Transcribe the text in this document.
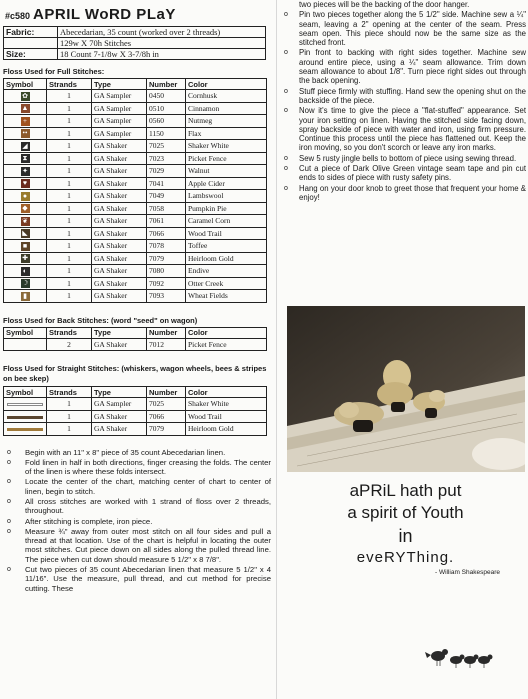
#c580 APRIL WoRD PLaY
Fabric:	Abecedarian, 35 count (worked over 2 threads)
	129w X 70h Stitches
Size:	18 Count 7-1/8w X 3-7/8h in
Floss Used for Full Stitches:
Symbol	Strands	Type	Number	Color
✿	1	GA Sampler	0450	Cornhusk
▲	1	GA Sampler	0510	Cinnamon
+	1	GA Sampler	0560	Nutmeg
••	1	GA Sampler	1150	Flax
◢	1	GA Shaker	7025	Shaker White
⧗	1	GA Shaker	7023	Picket Fence
✦	1	GA Shaker	7029	Walnut
♥	1	GA Shaker	7041	Apple Cider
●	1	GA Shaker	7049	Lambswool
◆	1	GA Shaker	7058	Pumpkin Pie
❦	1	GA Shaker	7061	Caramel Corn
◣	1	GA Shaker	7066	Wood Trail
■	1	GA Shaker	7078	Toffee
✚	1	GA Shaker	7079	Heirloom Gold
◐	1	GA Shaker	7080	Endive
☽	1	GA Shaker	7092	Otter Creek
▮	1	GA Shaker	7093	Wheat Fields
Floss Used for Back Stitches: (word "seed" on wagon)
Symbol	Strands	Type	Number	Color
	2	GA Shaker	7012	Picket Fence
Floss Used for Straight Stitches: (whiskers, wagon wheels, bees & stripes on bee skep)
Symbol	Strands	Type	Number	Color
	1	GA Sampler	7025	Shaker White
	1	GA Shaker	7066	Wood Trail
	1	GA Shaker	7079	Heirloom Gold
o Begin with an 11" x 8" piece of 35 count Abecedarian linen.
o Fold linen in half in both directions, finger creasing the folds. The center of the linen is where these folds intersect.
o Locate the center of the chart, matching center of chart to center of linen, begin to stitch.
o All cross stitches are worked with 1 strand of floss over 2 threads, throughout.
o After stitching is complete, iron piece.
o Measure ¾" away from outer most stitch on all four sides and pull a thread at that location. Use of the chart is helpful in locating the outer most stitches. Cut piece down on all sides along the pulled thread line. The piece when cut down should measure 5 1/2" x 8 7/8".
o Cut two pieces of 35 count Abecedarian linen that measure 5 1/2" x 4 11/16". Use the measure, pull thread, and cut method for precise cutting. These
two pieces will be the backing of the door hanger.
o Pin two pieces together along the 5 1/2" side. Machine sew a ¼" seam, leaving a 2" opening at the center of the seam. Press seam open. This piece should now be the same size as the stitched front.
o Pin front to backing with right sides together. Machine sew around entire piece, using a ¼" seam allowance. Trim down seam allowance to about 1/8". Turn piece right sides out through the back opening.
o Stuff piece firmly with stuffing. Hand sew the opening shut on the backside of the piece.
o Now it's time to give the piece a "flat-stuffed" appearance. Set your iron setting on linen. Having the stitched side facing down, spray backside of piece with water and iron, using firm pressure. Continue this process until the piece has flattened out. Keep the iron moving, so you don't scorch or leave any iron marks.
o Sew 5 rusty jingle bells to bottom of piece using sewing thread.
o Cut a piece of Dark Olive Green vintage seam tape and pin cut ends to sides of piece with rusty safety pins.
o Hang on your door knob to greet those that frequent your home & enjoy!
aPRiL hath put
a spirit of Youth
in
eveRYThing.
- William Shakespeare
